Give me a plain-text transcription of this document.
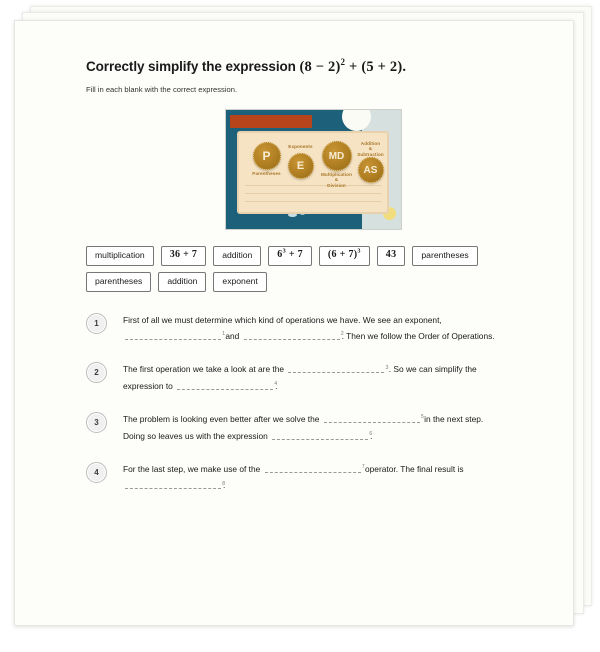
Correctly simplify the expression $(8 - 2)^2 + (5 + 2)$.

Fill in each blank with the correct expression.

P
E
MD
AS
Parentheses
Exponents
Multiplication
&
Division
Addition
&
Subtraction
multiplication	36 + 7	addition	$6^3 + 7$	$(6 + 7)^3$	43	parentheses
parentheses	addition	exponent
1	First of all we must determine which kind of operations we have. We see an exponent, 1 and 2	. Then we follow the Order of Operations.
2	The first operation we take a look at are the 3	. So we can simplify the expression to 4	.
3	The problem is looking even better after we solve the 5	in the next step. Doing so leaves us with the expression 6	.
4	For the last step, we make use of the 7	operator. The final result is 8.
